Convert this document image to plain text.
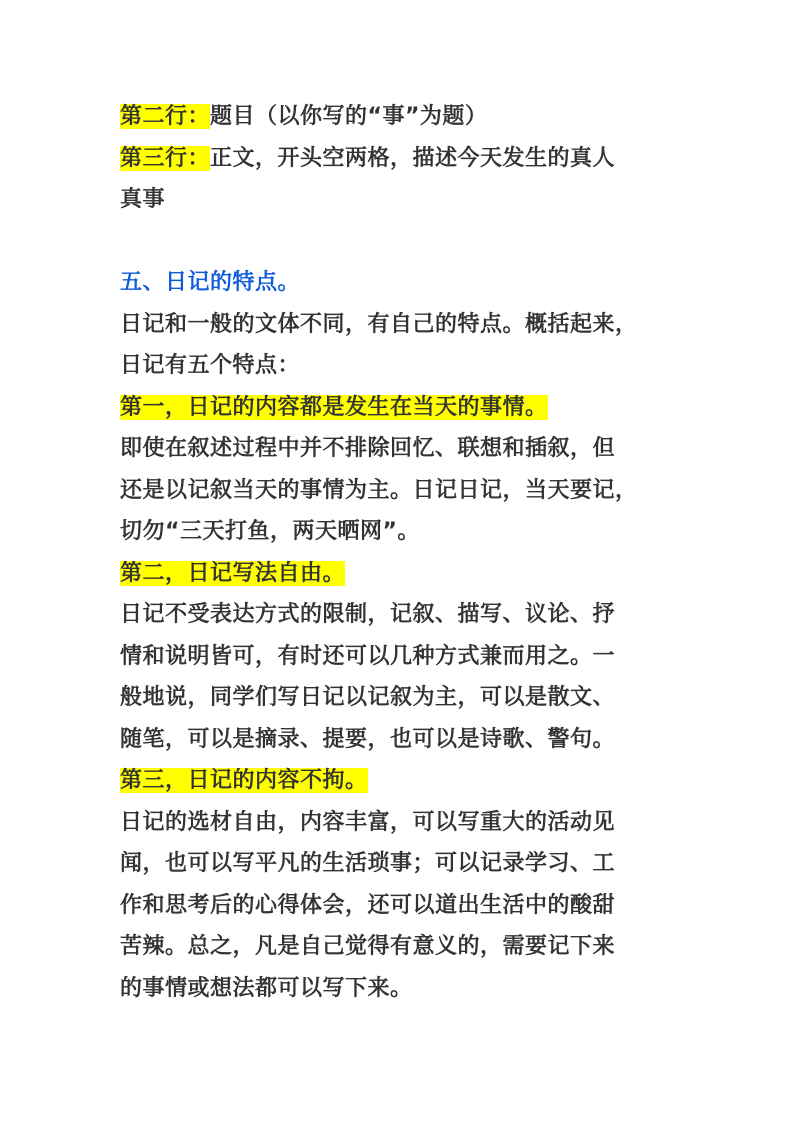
第二行：题目（以你写的“事”为题）
第三行：正文，开头空两格，描述今天发生的真人
真事
五、日记的特点。
日记和一般的文体不同，有自己的特点。概括起来，
日记有五个特点：
第一，日记的内容都是发生在当天的事情。
即使在叙述过程中并不排除回忆、联想和插叙，但
还是以记叙当天的事情为主。日记日记，当天要记，
切勿“三天打鱼，两天晒网”。
第二，日记写法自由。
日记不受表达方式的限制，记叙、描写、议论、抒
情和说明皆可，有时还可以几种方式兼而用之。一
般地说，同学们写日记以记叙为主，可以是散文、
随笔，可以是摘录、提要，也可以是诗歌、警句。
第三，日记的内容不拘。
日记的选材自由，内容丰富，可以写重大的活动见
闻，也可以写平凡的生活琐事；可以记录学习、工
作和思考后的心得体会，还可以道出生活中的酸甜
苦辣。总之，凡是自己觉得有意义的，需要记下来
的事情或想法都可以写下来。
